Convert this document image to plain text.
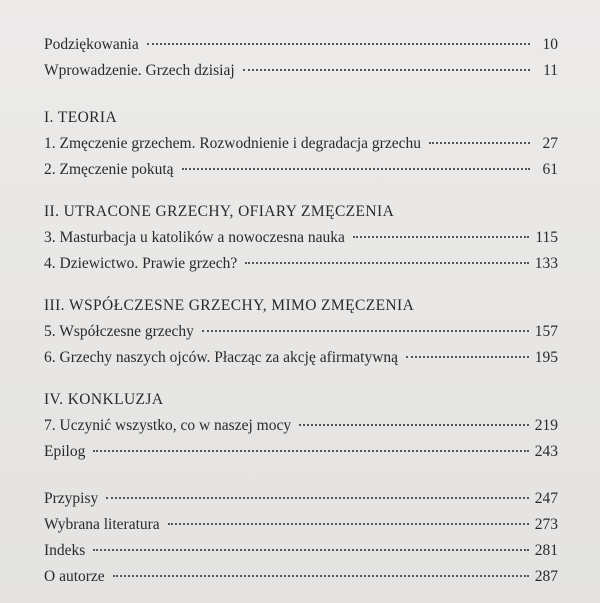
Podziękowania	10
Wprowadzenie. Grzech dzisiaj	11
I. TEORIA
1. Zmęczenie grzechem. Rozwodnienie i degradacja grzechu	27
2. Zmęczenie pokutą	61
II. UTRACONE GRZECHY, OFIARY ZMĘCZENIA
3. Masturbacja u katolików a nowoczesna nauka	115
4. Dziewictwo. Prawie grzech?	133
III. WSPÓŁCZESNE GRZECHY, MIMO ZMĘCZENIA
5. Współczesne grzechy	157
6. Grzechy naszych ojców. Płacząc za akcję afirmatywną	195
IV. KONKLUZJA
7. Uczynić wszystko, co w naszej mocy	219
Epilog	243
Przypisy	247
Wybrana literatura	273
Indeks	281
O autorze	287
